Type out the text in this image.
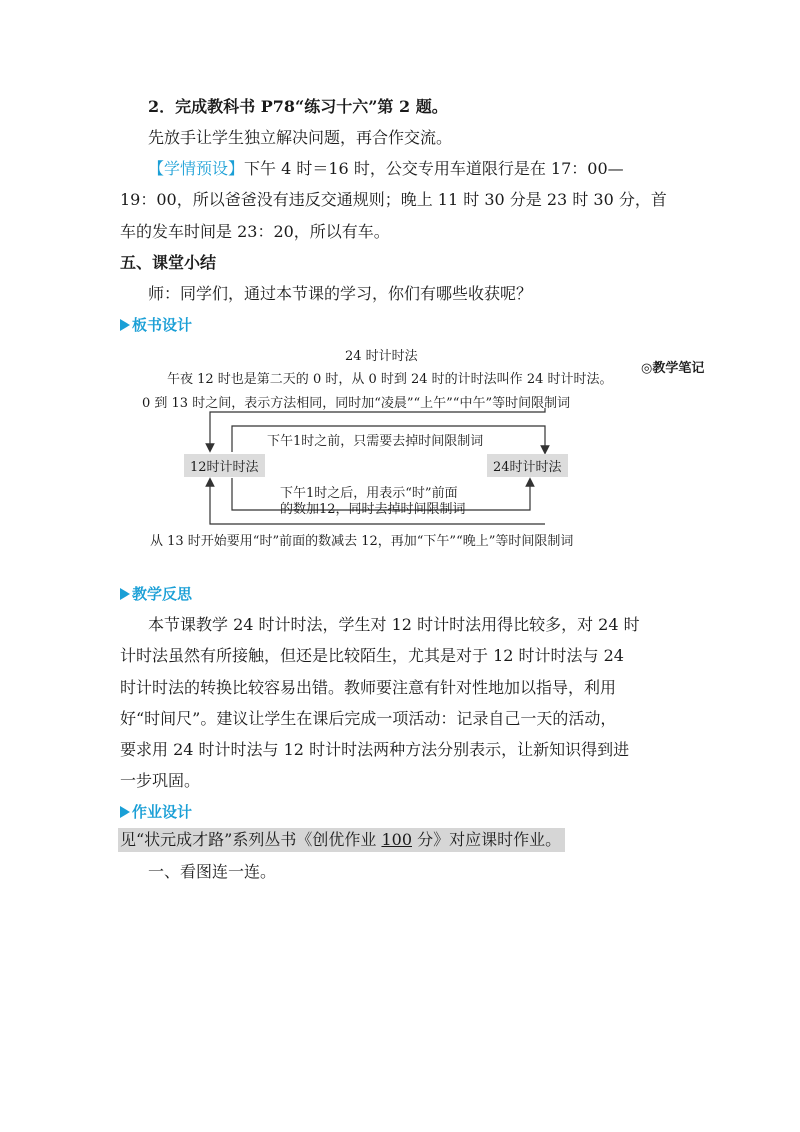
2．完成教科书 P78“练习十六”第 2 题。
先放手让学生独立解决问题，再合作交流。
【学情预设】下午 4 时＝16 时，公交专用车道限行是在 17：00—
19：00，所以爸爸没有违反交通规则；晚上 11 时 30 分是 23 时 30 分，首
车的发车时间是 23：20，所以有车。
五、课堂小结
师：同学们，通过本节课的学习，你们有哪些收获呢？
板书设计
◎教学笔记
24 时计时法
午夜 12 时也是第二天的 0 时，从 0 时到 24 时的计时法叫作 24 时计时法。
0 到 13 时之间，表示方法相同，同时加“凌晨”“上午”“中午”等时间限制词
下午1时之前，只需要去掉时间限制词
12时计时法	24时计时法
下午1时之后，用表示“时”前面
的数加12，同时去掉时间限制词
从 13 时开始要用“时”前面的数减去 12，再加“下午”“晚上”等时间限制词
教学反思
本节课教学 24 时计时法，学生对 12 时计时法用得比较多，对 24 时
计时法虽然有所接触，但还是比较陌生，尤其是对于 12 时计时法与 24
时计时法的转换比较容易出错。教师要注意有针对性地加以指导，利用
好“时间尺”。建议让学生在课后完成一项活动：记录自己一天的活动，
要求用 24 时计时法与 12 时计时法两种方法分别表示，让新知识得到进
一步巩固。
作业设计
见“状元成才路”系列丛书《创优作业 100 分》对应课时作业。
一、看图连一连。
